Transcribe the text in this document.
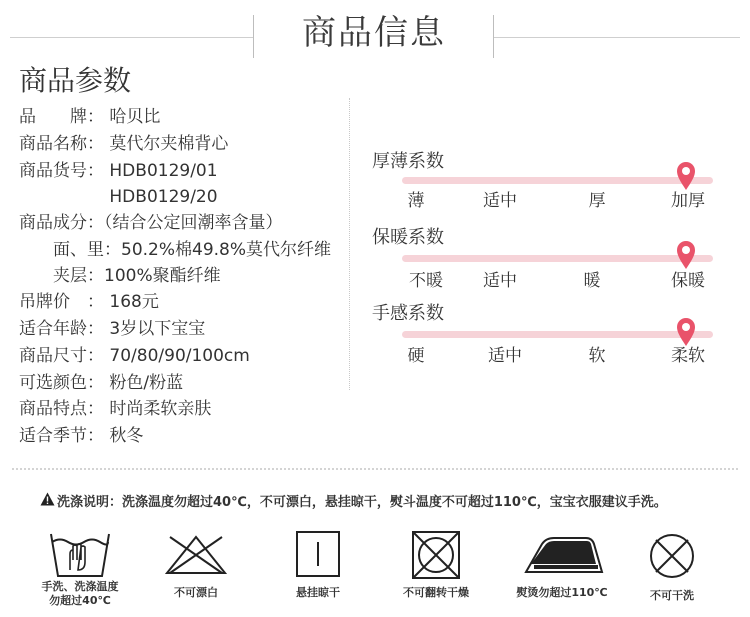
商品信息
商品参数
品　　牌： 哈贝比
商品名称： 莫代尔夹棉背心
商品货号： HDB0129/01
　　　　　 HDB0129/20
商品成分：（结合公定回潮率含量）
　　面、里：50.2%棉49.8%莫代尔纤维
　　夹层：100%聚酯纤维
吊牌价　： 168元
适合年龄： 3岁以下宝宝
商品尺寸： 70/80/90/100cm
可选颜色： 粉色/粉蓝
商品特点： 时尚柔软亲肤
适合季节： 秋冬
厚薄系数
薄	适中	厚	加厚
保暖系数
不暖	适中	暖	保暖
手感系数
硬	适中	软	柔软
洗涤说明：洗涤温度勿超过40℃，不可漂白，悬挂晾干，熨斗温度不可超过110℃，宝宝衣服建议手洗。
手洗、洗涤温度
勿超过40℃
不可漂白	悬挂晾干	不可翻转干燥	熨烫勿超过110℃	不可干洗
